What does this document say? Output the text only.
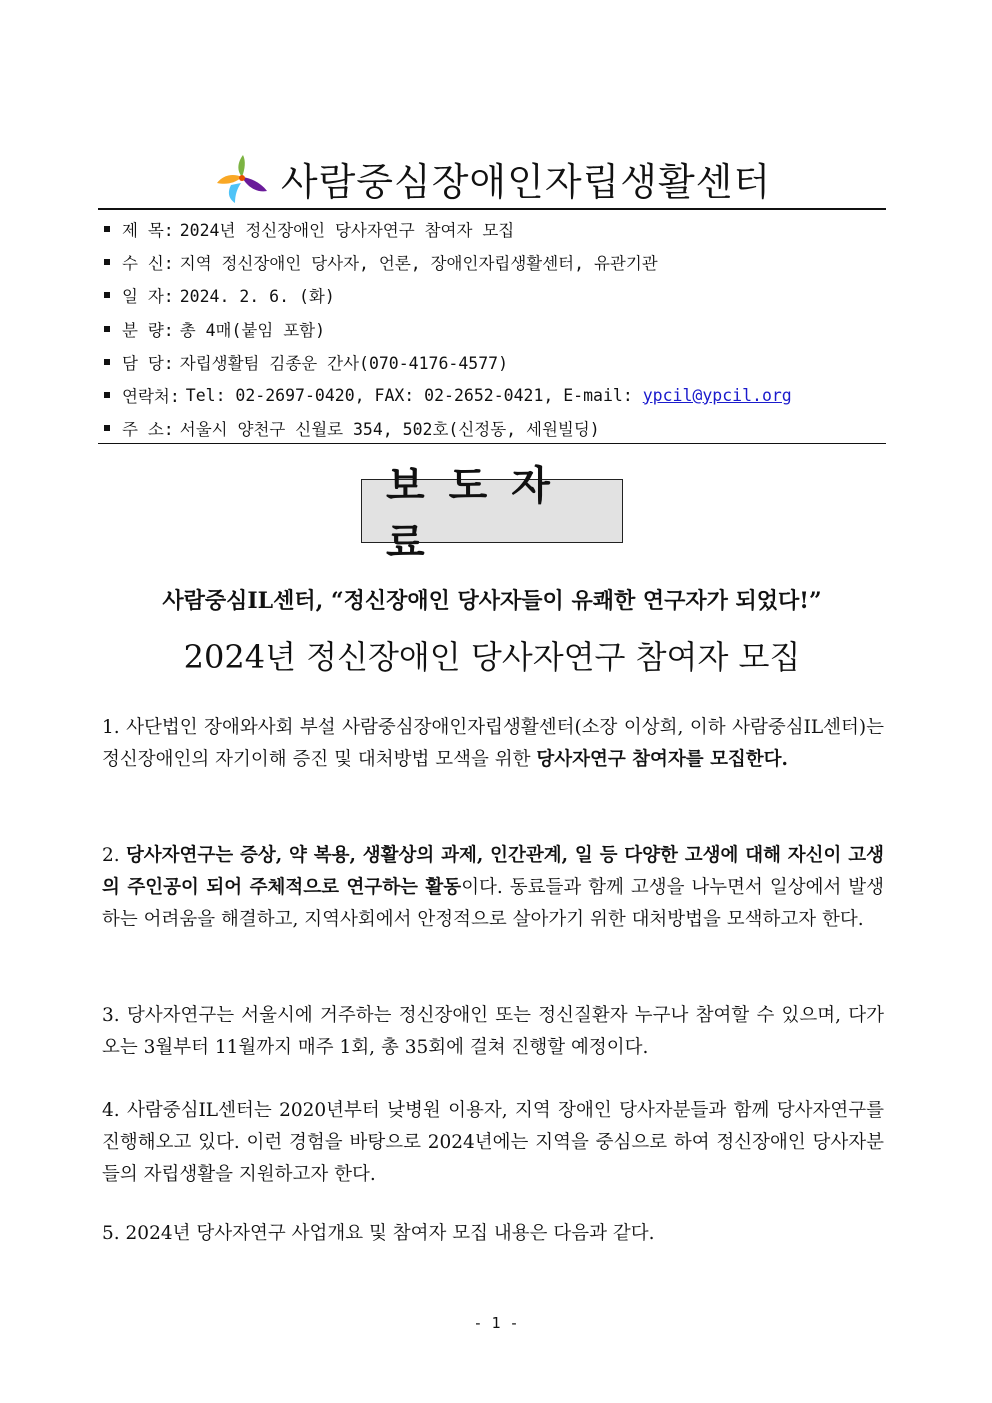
사람중심장애인자립생활센터
제 목: 2024년 정신장애인 당사자연구 참여자 모집
수 신: 지역 정신장애인 당사자, 언론, 장애인자립생활센터, 유관기관
일 자: 2024. 2. 6. (화)
분 량: 총 4매(붙임 포함)
담 당: 자립생활팀 김종운 간사(070-4176-4577)
연락처: Tel: 02-2697-0420, FAX: 02-2652-0421, E-mail: ypcil@ypcil.org
주 소: 서울시 양천구 신월로 354, 502호(신정동, 세원빌딩)
보도자료
사람중심IL센터, “정신장애인 당사자들이 유쾌한 연구자가 되었다!”
2024년 정신장애인 당사자연구 참여자 모집

1. 사단법인 장애와사회 부설 사람중심장애인자립생활센터(소장 이상희, 이하 사람중심IL센터)는 정신장애인의 자기이해 증진 및 대처방법 모색을 위한 당사자연구 참여자를 모집한다.

2. 당사자연구는 증상, 약 복용, 생활상의 과제, 인간관계, 일 등 다양한 고생에 대해 자신이 고생의 주인공이 되어 주체적으로 연구하는 활동이다. 동료들과 함께 고생을 나누면서 일상에서 발생하는 어려움을 해결하고, 지역사회에서 안정적으로 살아가기 위한 대처방법을 모색하고자 한다.

3. 당사자연구는 서울시에 거주하는 정신장애인 또는 정신질환자 누구나 참여할 수 있으며, 다가오는 3월부터 11월까지 매주 1회, 총 35회에 걸쳐 진행할 예정이다.

4. 사람중심IL센터는 2020년부터 낮병원 이용자, 지역 장애인 당사자분들과 함께 당사자연구를 진행해오고 있다. 이런 경험을 바탕으로 2024년에는 지역을 중심으로 하여 정신장애인 당사자분들의 자립생활을 지원하고자 한다.

5. 2024년 당사자연구 사업개요 및 참여자 모집 내용은 다음과 같다.

- 1 -
